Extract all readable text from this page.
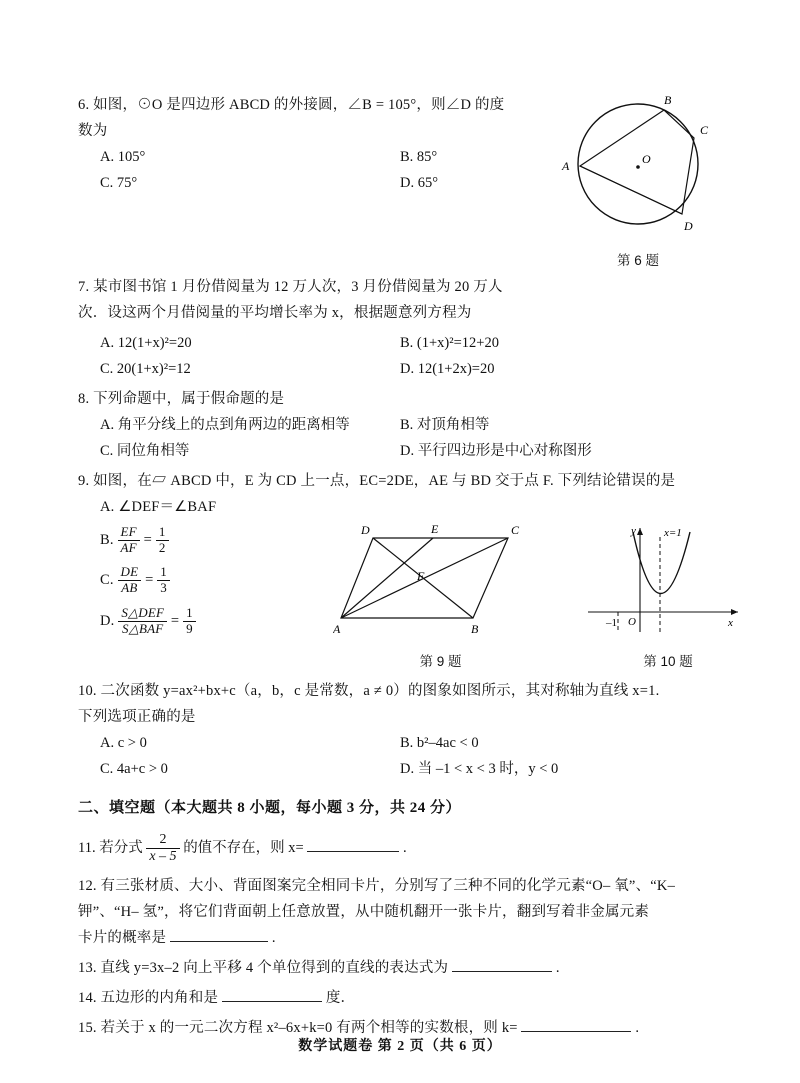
6. 如图，⊙O 是四边形 ABCD 的外接圆，∠B = 105°，则∠D 的度
数为
A. 105°	B. 85°
C. 75°	D. 65°
A
B
C
D
O
第 6 题
7. 某市图书馆 1 月份借阅量为 12 万人次，3 月份借阅量为 20 万人
次．设这两个月借阅量的平均增长率为 x，根据题意列方程为
A. 12(1+x)²=20	B. (1+x)²=12+20
C. 20(1+x)²=12	D. 12(1+2x)=20
8. 下列命题中，属于假命题的是
A. 角平分线上的点到角两边的距离相等	B. 对顶角相等
C. 同位角相等	D. 平行四边形是中心对称图形
9. 如图，在▱ ABCD 中，E 为 CD 上一点，EC=2DE，AE 与 BD 交于点 F. 下列结论错误的是
A. ∠DEF＝∠BAF
B. $\frac{EF}{AF} = \frac{1}{2}$
C. $\frac{DE}{AB} = \frac{1}{3}$
D. $\frac{\text{S△DEF}}{\text{S△BAF}} = \frac{1}{9}$
D	E	C
A	B
F
第 9 题
y
x
O
x=1
–1
第 10 题
10. 二次函数 y=ax²+bx+c（a，b，c 是常数，a ≠ 0）的图象如图所示，其对称轴为直线 x=1.
下列选项正确的是
A. c > 0	B. b²–4ac < 0
C. 4a+c > 0	D. 当 –1 < x < 3 时，y < 0
二、填空题（本大题共 8 小题，每小题 3 分，共 24 分）
11. 若分式 $\frac{2}{x - 5}$ 的值不存在，则 x=	.
12. 有三张材质、大小、背面图案完全相同卡片，分别写了三种不同的化学元素“O– 氧”、“K–
钾”、“H– 氢”，将它们背面朝上任意放置，从中随机翻开一张卡片，翻到写着非金属元素
卡片的概率是	.
13. 直线 y=3x–2 向上平移 4 个单位得到的直线的表达式为	.
14. 五边形的内角和是	度．
15. 若关于 x 的一元二次方程 x²–6x+k=0 有两个相等的实数根，则 k=	.
数学试题卷 第 2 页（共 6 页）
